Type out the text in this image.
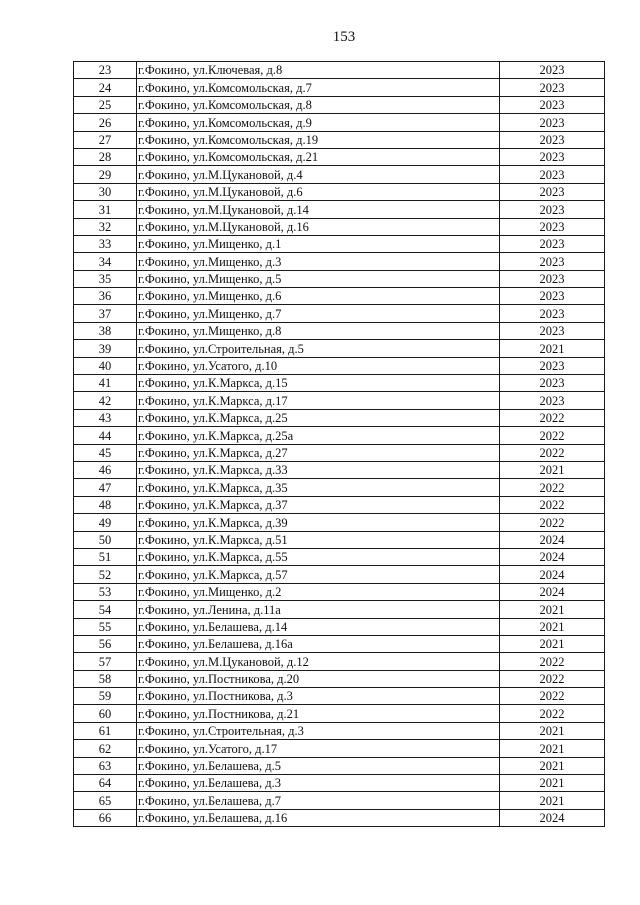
153
23	г.Фокино, ул.Ключевая, д.8	2023
24	г.Фокино, ул.Комсомольская, д.7	2023
25	г.Фокино, ул.Комсомольская, д.8	2023
26	г.Фокино, ул.Комсомольская, д.9	2023
27	г.Фокино, ул.Комсомольская, д.19	2023
28	г.Фокино, ул.Комсомольская, д.21	2023
29	г.Фокино, ул.М.Цукановой, д.4	2023
30	г.Фокино, ул.М.Цукановой, д.6	2023
31	г.Фокино, ул.М.Цукановой, д.14	2023
32	г.Фокино, ул.М.Цукановой, д.16	2023
33	г.Фокино, ул.Мищенко, д.1	2023
34	г.Фокино, ул.Мищенко, д.3	2023
35	г.Фокино, ул.Мищенко, д.5	2023
36	г.Фокино, ул.Мищенко, д.6	2023
37	г.Фокино, ул.Мищенко, д.7	2023
38	г.Фокино, ул.Мищенко, д.8	2023
39	г.Фокино, ул.Строительная, д.5	2021
40	г.Фокино, ул.Усатого, д.10	2023
41	г.Фокино, ул.К.Маркса, д.15	2023
42	г.Фокино, ул.К.Маркса, д.17	2023
43	г.Фокино, ул.К.Маркса, д.25	2022
44	г.Фокино, ул.К.Маркса, д.25а	2022
45	г.Фокино, ул.К.Маркса, д.27	2022
46	г.Фокино, ул.К.Маркса, д.33	2021
47	г.Фокино, ул.К.Маркса, д.35	2022
48	г.Фокино, ул.К.Маркса, д.37	2022
49	г.Фокино, ул.К.Маркса, д.39	2022
50	г.Фокино, ул.К.Маркса, д.51	2024
51	г.Фокино, ул.К.Маркса, д.55	2024
52	г.Фокино, ул.К.Маркса, д.57	2024
53	г.Фокино, ул.Мищенко, д.2	2024
54	г.Фокино, ул.Ленина, д.11а	2021
55	г.Фокино, ул.Белашева, д.14	2021
56	г.Фокино, ул.Белашева, д.16а	2021
57	г.Фокино, ул.М.Цукановой, д.12	2022
58	г.Фокино, ул.Постникова, д.20	2022
59	г.Фокино, ул.Постникова, д.3	2022
60	г.Фокино, ул.Постникова, д.21	2022
61	г.Фокино, ул.Строительная, д.3	2021
62	г.Фокино, ул.Усатого, д.17	2021
63	г.Фокино, ул.Белашева, д.5	2021
64	г.Фокино, ул.Белашева, д.3	2021
65	г.Фокино, ул.Белашева, д.7	2021
66	г.Фокино, ул.Белашева, д.16	2024
